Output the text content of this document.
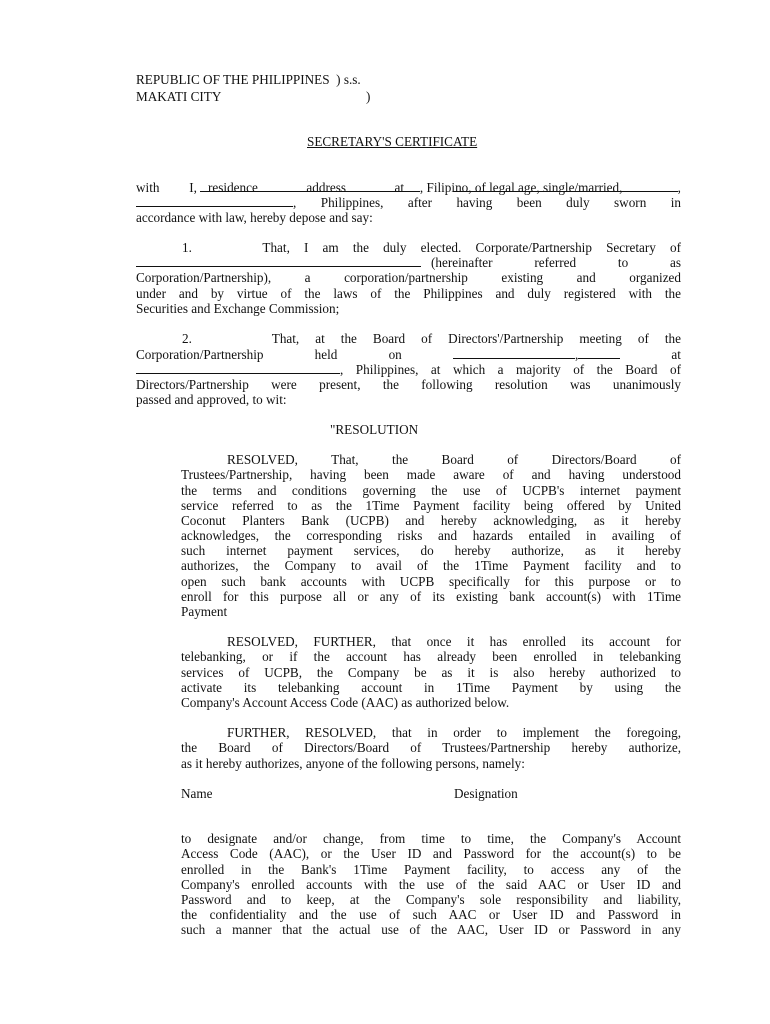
REPUBLIC OF THE PHILIPPINES  ) s.s.
MAKATI CITY	)
SECRETARY'S CERTIFICATE

I,	, Filipino, of legal age, single/married,

with	residence	address	at	,
, Philippines, after having been duly sworn in
accordance with law, hereby depose and say:
1.     That, I am the duly elected. Corporate/Partnership Secretary of
(hereinafter   referred   to   as
Corporation/Partnership), a corporation/partnership existing and organized
under and by virtue of the laws of the Philippines and duly registered with the
Securities and Exchange Commission;
2.     That, at the Board of Directors'/Partnership meeting of the
Corporation/Partnership	held	on	,	at
, Philippines, at which a majority of the Board of
Directors/Partnership were present, the following resolution was unanimously
passed and approved, to wit:
"RESOLUTION
RESOLVED,  That,  the  Board  of  Directors/Board  of
Trustees/Partnership, having been made aware of and having understood
the terms and conditions governing the use of UCPB's internet payment
service referred to as the 1Time Payment facility being offered by United
Coconut Planters Bank (UCPB) and hereby acknowledging, as it hereby
acknowledges, the corresponding risks and hazards entailed in availing of
such internet payment services, do hereby authorize, as it hereby
authorizes, the Company to avail of the 1Time Payment facility and to
open such bank accounts with UCPB specifically for this purpose or to
enroll for this purpose all or any of its existing bank account(s) with 1Time
Payment
RESOLVED, FURTHER, that once it has enrolled its account for
telebanking, or if the account has already been enrolled in telebanking
services of UCPB, the Company be as it is also hereby authorized to
activate its telebanking account in 1Time Payment by using the
Company's Account Access Code (AAC) as authorized below.
FURTHER, RESOLVED, that in order to implement the foregoing,
the Board of Directors/Board of Trustees/Partnership hereby authorize,
as it hereby authorizes, anyone of the following persons, namely:
Name	Designation
to designate and/or change, from time to time, the Company's Account
Access Code (AAC), or the User ID and Password for the account(s) to be
enrolled in the Bank's 1Time Payment facility, to access any of the
Company's enrolled accounts with the use of the said AAC or User ID and
Password and to keep, at the Company's sole responsibility and liability,
the confidentiality and the use of such AAC or User ID and Password in
such a manner that the actual use of the AAC, User ID or Password in any
